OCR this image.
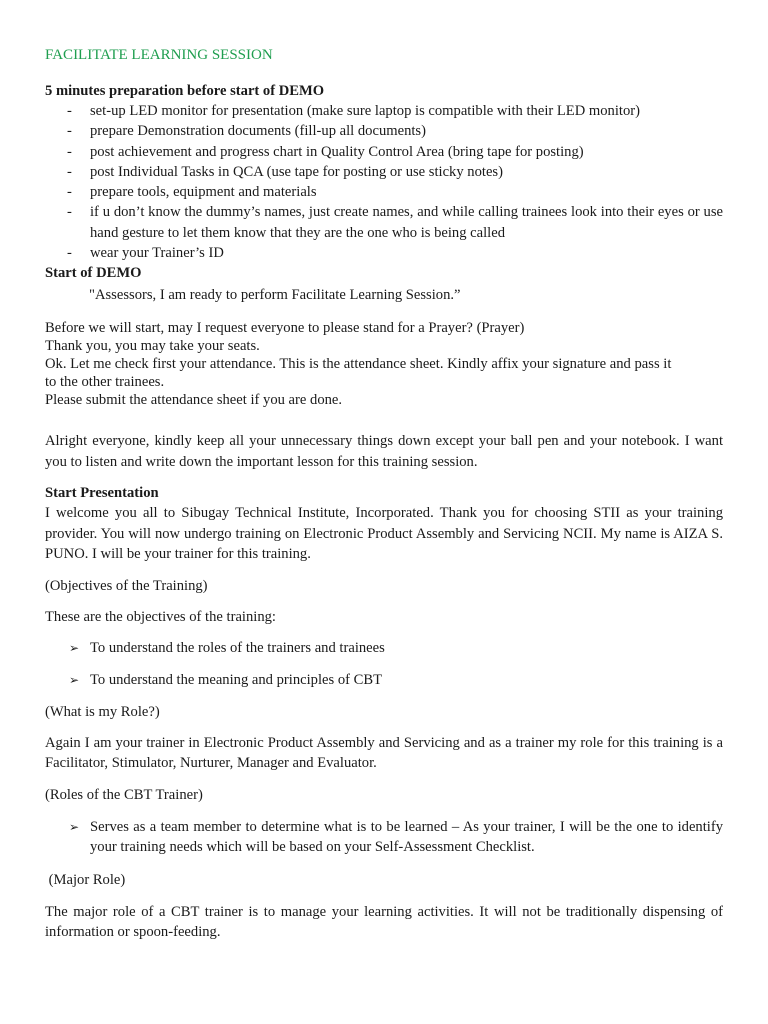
FACILITATE LEARNING SESSION

5 minutes preparation before start of DEMO

- set-up LED monitor for presentation (make sure laptop is compatible with their LED monitor)
- prepare Demonstration documents (fill-up all documents)
- post achievement and progress chart in Quality Control Area (bring tape for posting)
- post Individual Tasks in QCA (use tape for posting or use sticky notes)
- prepare tools, equipment and materials
- if u don’t know the dummy’s names, just create names, and while calling trainees look into their eyes or use hand gesture to let them know that they are the one who is being called
- wear your Trainer’s ID

Start of DEMO

"Assessors, I am ready to perform Facilitate Learning Session.”

Before we will start, may I request everyone to please stand for a Prayer? (Prayer)

Thank you, you may take your seats.

Ok. Let me check first your attendance. This is the attendance sheet. Kindly affix your signature and pass it

to the other trainees.

Please submit the attendance sheet if you are done.

Alright everyone, kindly keep all your unnecessary things down except your ball pen and your notebook. I want you to listen and write down the important lesson for this training session.

Start Presentation

I welcome you all to Sibugay Technical Institute, Incorporated. Thank you for choosing STII as your training provider. You will now undergo training on Electronic Product Assembly and Servicing NCII. My name is AIZA S. PUNO. I will be your trainer for this training.

(Objectives of the Training)

These are the objectives of the training:

➢ To understand the roles of the trainers and trainees
➢ To understand the meaning and principles of CBT

(What is my Role?)

Again I am your trainer in Electronic Product Assembly and Servicing and as a trainer my role for this training is a Facilitator, Stimulator, Nurturer, Manager and Evaluator.

(Roles of the CBT Trainer)

➢ Serves as a team member to determine what is to be learned – As your trainer, I will be the one to identify your training needs which will be based on your Self-Assessment Checklist.

(Major Role)

The major role of a CBT trainer is to manage your learning activities. It will not be traditionally dispensing of information or spoon-feeding.
